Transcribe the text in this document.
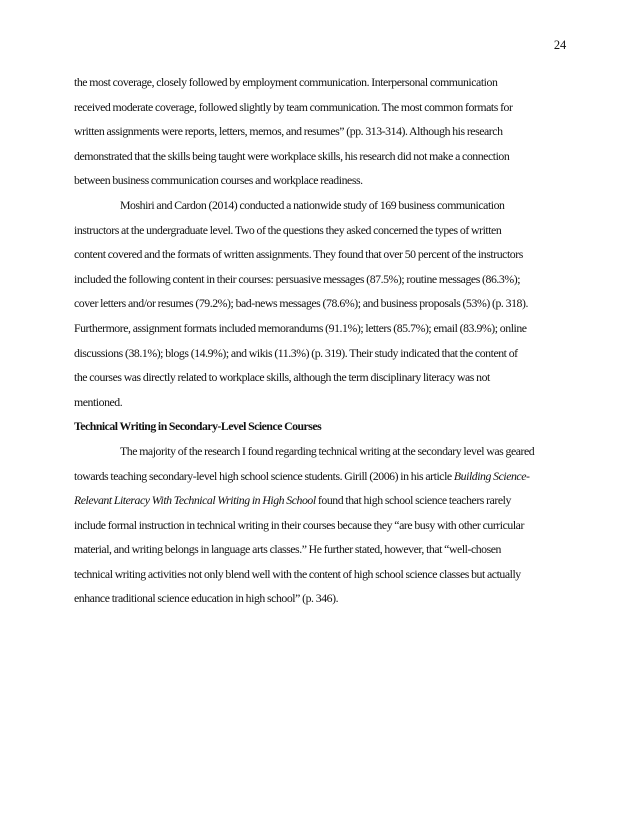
24
the most coverage, closely followed by employment communication. Interpersonal communication
received moderate coverage, followed slightly by team communication. The most common formats for
written assignments were reports, letters, memos, and resumes” (pp. 313-314). Although his research
demonstrated that the skills being taught were workplace skills, his research did not make a connection
between business communication courses and workplace readiness.
Moshiri and Cardon (2014) conducted a nationwide study of 169 business communication
instructors at the undergraduate level. Two of the questions they asked concerned the types of written
content covered and the formats of written assignments. They found that over 50 percent of the instructors
included the following content in their courses: persuasive messages (87.5%); routine messages (86.3%);
cover letters and/or resumes (79.2%); bad-news messages (78.6%); and business proposals (53%) (p. 318).
Furthermore, assignment formats included memorandums (91.1%); letters (85.7%); email (83.9%); online
discussions (38.1%); blogs (14.9%); and wikis (11.3%) (p. 319). Their study indicated that the content of
the courses was directly related to workplace skills, although the term disciplinary literacy was not
mentioned.
Technical Writing in Secondary-Level Science Courses
The majority of the research I found regarding technical writing at the secondary level was geared
towards teaching secondary-level high school science students. Girill (2006) in his article Building Science-
Relevant Literacy With Technical Writing in High School found that high school science teachers rarely
include formal instruction in technical writing in their courses because they “are busy with other curricular
material, and writing belongs in language arts classes.” He further stated, however, that “well-chosen
technical writing activities not only blend well with the content of high school science classes but actually
enhance traditional science education in high school” (p. 346).
